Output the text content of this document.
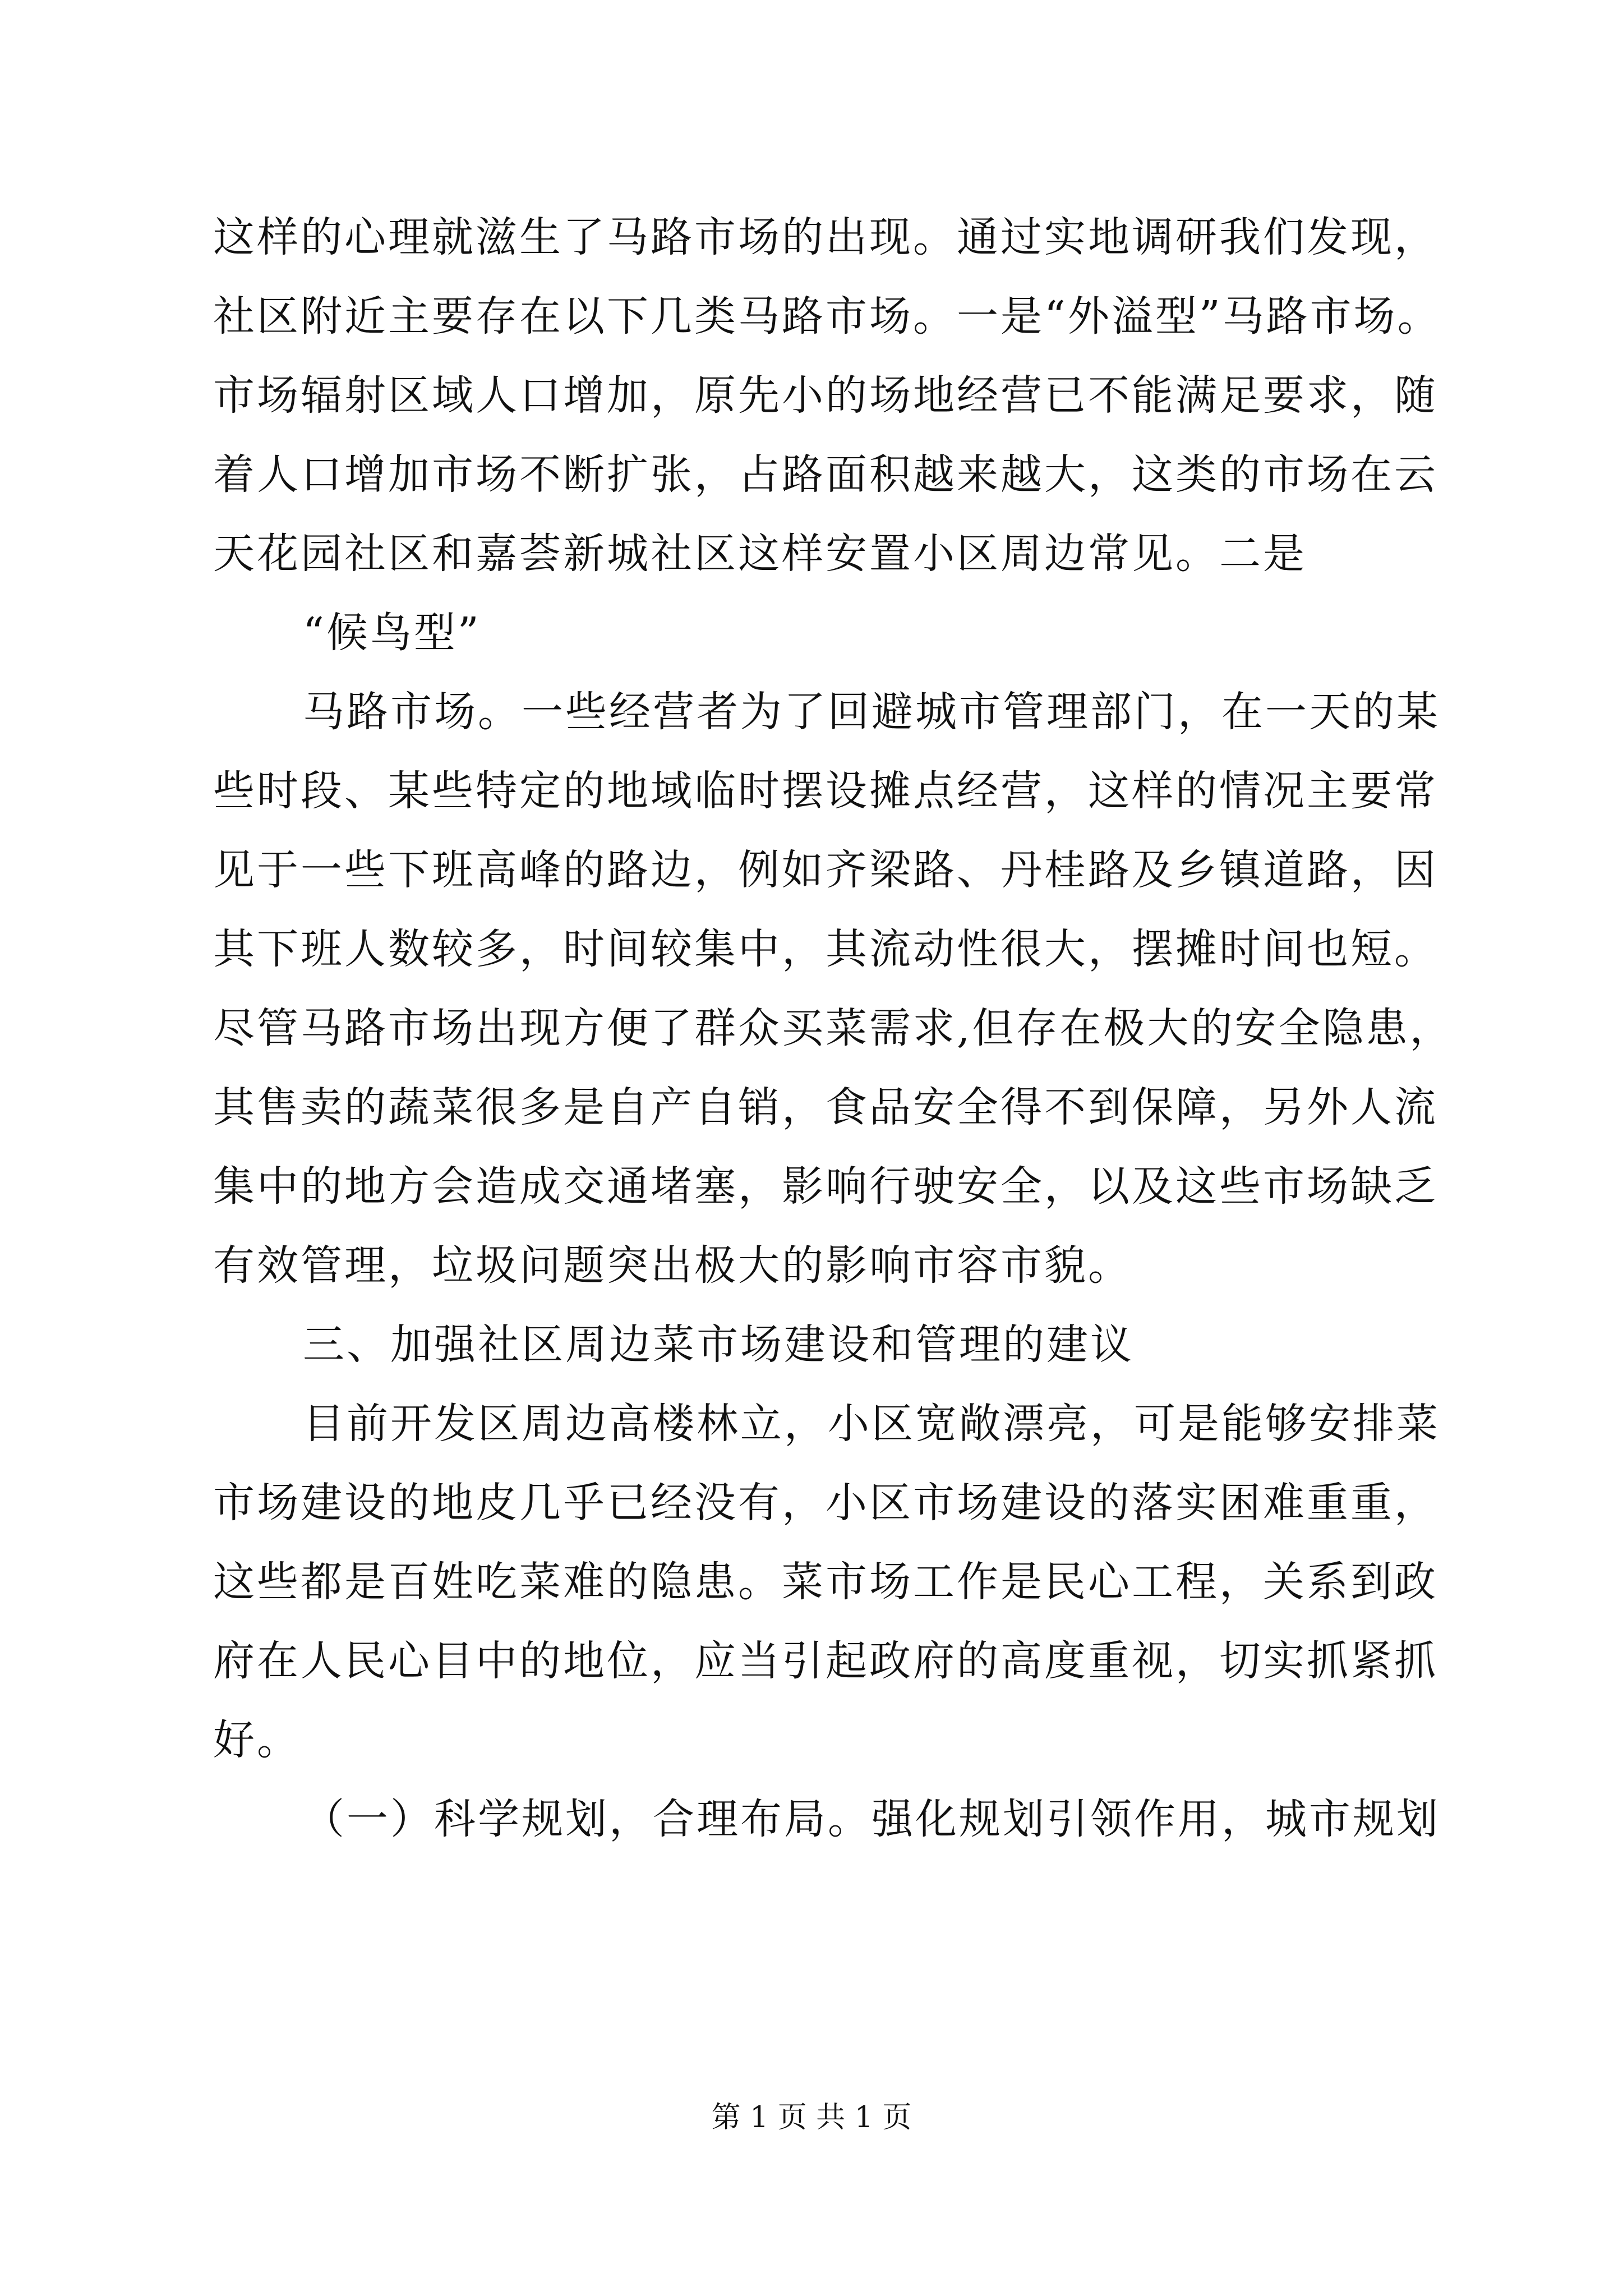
这样的心理就滋生了马路市场的出现。通过实地调研我们发现，
社区附近主要存在以下几类马路市场。一是“外溢型”马路市场。
市场辐射区域人口增加，原先小的场地经营已不能满足要求，随
着人口增加市场不断扩张，占路面积越来越大，这类的市场在云
天花园社区和嘉荟新城社区这样安置小区周边常见。二是
“候鸟型”
马路市场。一些经营者为了回避城市管理部门，在一天的某
些时段、某些特定的地域临时摆设摊点经营，这样的情况主要常
见于一些下班高峰的路边，例如齐梁路、丹桂路及乡镇道路，因
其下班人数较多，时间较集中，其流动性很大，摆摊时间也短。
尽管马路市场出现方便了群众买菜需求,但存在极大的安全隐患，
其售卖的蔬菜很多是自产自销，食品安全得不到保障，另外人流
集中的地方会造成交通堵塞，影响行驶安全，以及这些市场缺乏
有效管理，垃圾问题突出极大的影响市容市貌。
三、加强社区周边菜市场建设和管理的建议
目前开发区周边高楼林立，小区宽敞漂亮，可是能够安排菜
市场建设的地皮几乎已经没有，小区市场建设的落实困难重重，
这些都是百姓吃菜难的隐患。菜市场工作是民心工程，关系到政
府在人民心目中的地位，应当引起政府的高度重视，切实抓紧抓
好。
（一）科学规划，合理布局。强化规划引领作用，城市规划
第 1 页 共 1 页
